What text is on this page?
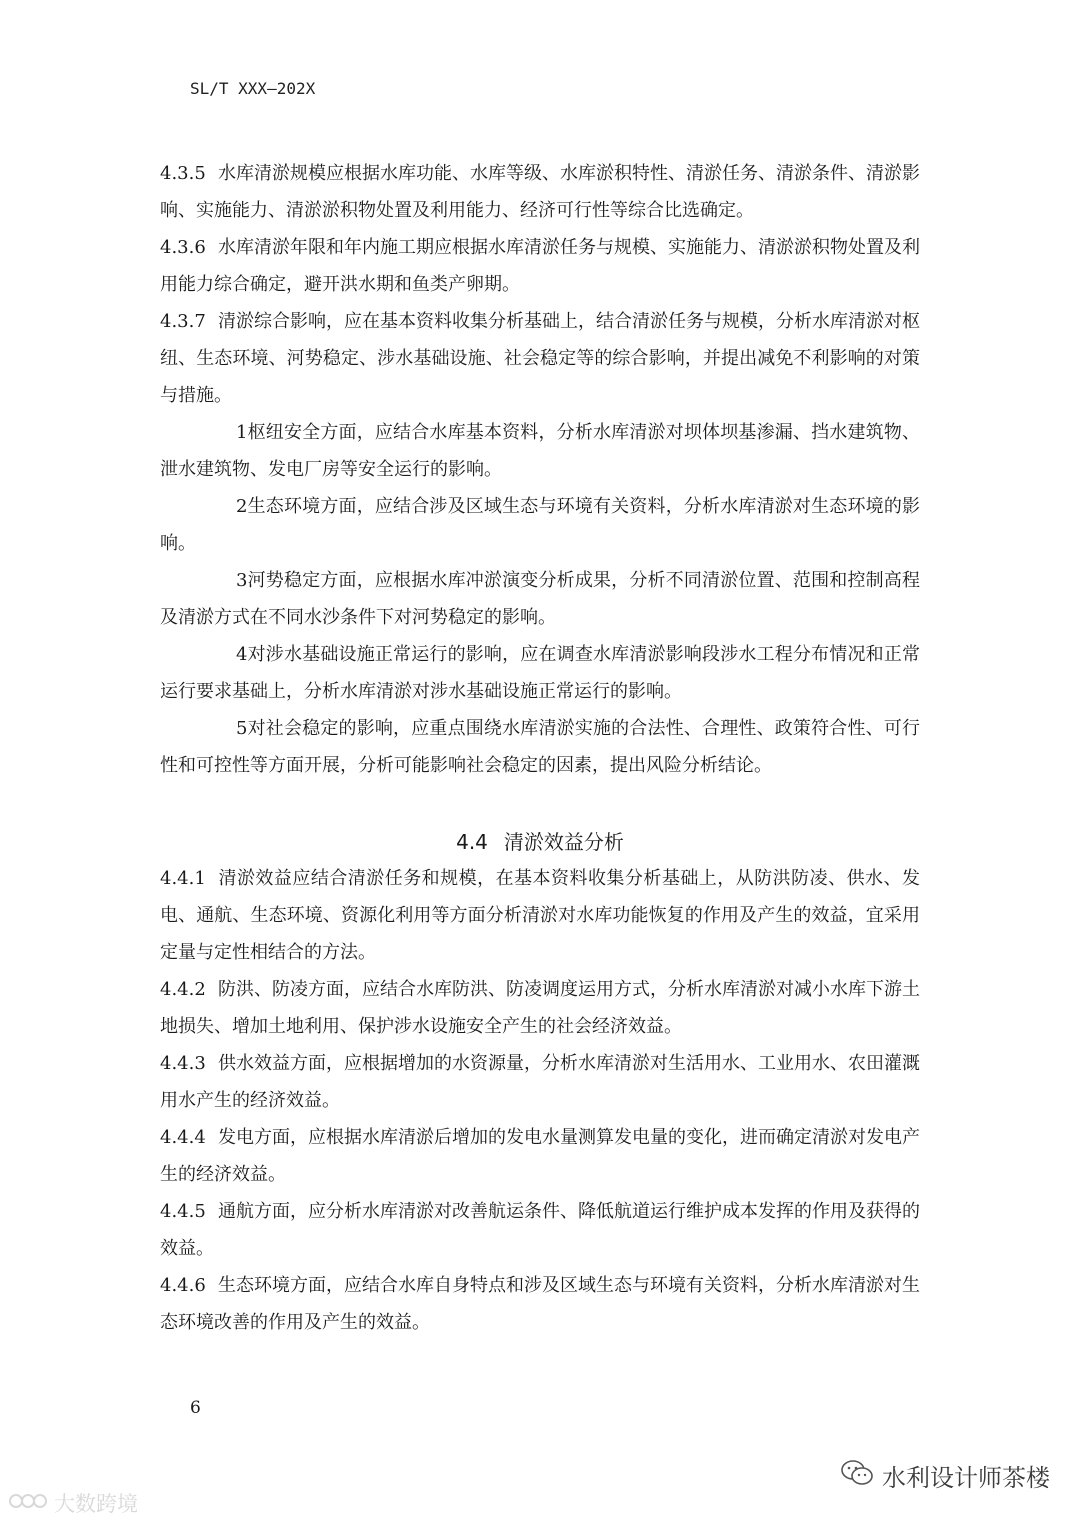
SL/T XXX—202X

4.3.5 水库清淤规模应根据水库功能、水库等级、水库淤积特性、清淤任务、清淤条件、清淤影响、实施能力、清淤淤积物处置及利用能力、经济可行性等综合比选确定。

4.3.6 水库清淤年限和年内施工期应根据水库清淤任务与规模、实施能力、清淤淤积物处置及利用能力综合确定，避开洪水期和鱼类产卵期。

4.3.7 清淤综合影响，应在基本资料收集分析基础上，结合清淤任务与规模，分析水库清淤对枢纽、生态环境、河势稳定、涉水基础设施、社会稳定等的综合影响，并提出减免不利影响的对策与措施。

1枢纽安全方面，应结合水库基本资料，分析水库清淤对坝体坝基渗漏、挡水建筑物、泄水建筑物、发电厂房等安全运行的影响。

2生态环境方面，应结合涉及区域生态与环境有关资料，分析水库清淤对生态环境的影响。

3河势稳定方面，应根据水库冲淤演变分析成果，分析不同清淤位置、范围和控制高程及清淤方式在不同水沙条件下对河势稳定的影响。

4对涉水基础设施正常运行的影响，应在调查水库清淤影响段涉水工程分布情况和正常运行要求基础上，分析水库清淤对涉水基础设施正常运行的影响。

5对社会稳定的影响，应重点围绕水库清淤实施的合法性、合理性、政策符合性、可行性和可控性等方面开展，分析可能影响社会稳定的因素，提出风险分析结论。

4.4 清淤效益分析

4.4.1 清淤效益应结合清淤任务和规模，在基本资料收集分析基础上，从防洪防凌、供水、发电、通航、生态环境、资源化利用等方面分析清淤对水库功能恢复的作用及产生的效益，宜采用定量与定性相结合的方法。

4.4.2 防洪、防凌方面，应结合水库防洪、防凌调度运用方式，分析水库清淤对减小水库下游土地损失、增加土地利用、保护涉水设施安全产生的社会经济效益。

4.4.3 供水效益方面，应根据增加的水资源量，分析水库清淤对生活用水、工业用水、农田灌溉用水产生的经济效益。

4.4.4 发电方面，应根据水库清淤后增加的发电水量测算发电量的变化，进而确定清淤对发电产生的经济效益。

4.4.5 通航方面，应分析水库清淤对改善航运条件、降低航道运行维护成本发挥的作用及获得的效益。

4.4.6 生态环境方面，应结合水库自身特点和涉及区域生态与环境有关资料，分析水库清淤对生态环境改善的作用及产生的效益。

6
水利设计师茶楼
大数跨境
